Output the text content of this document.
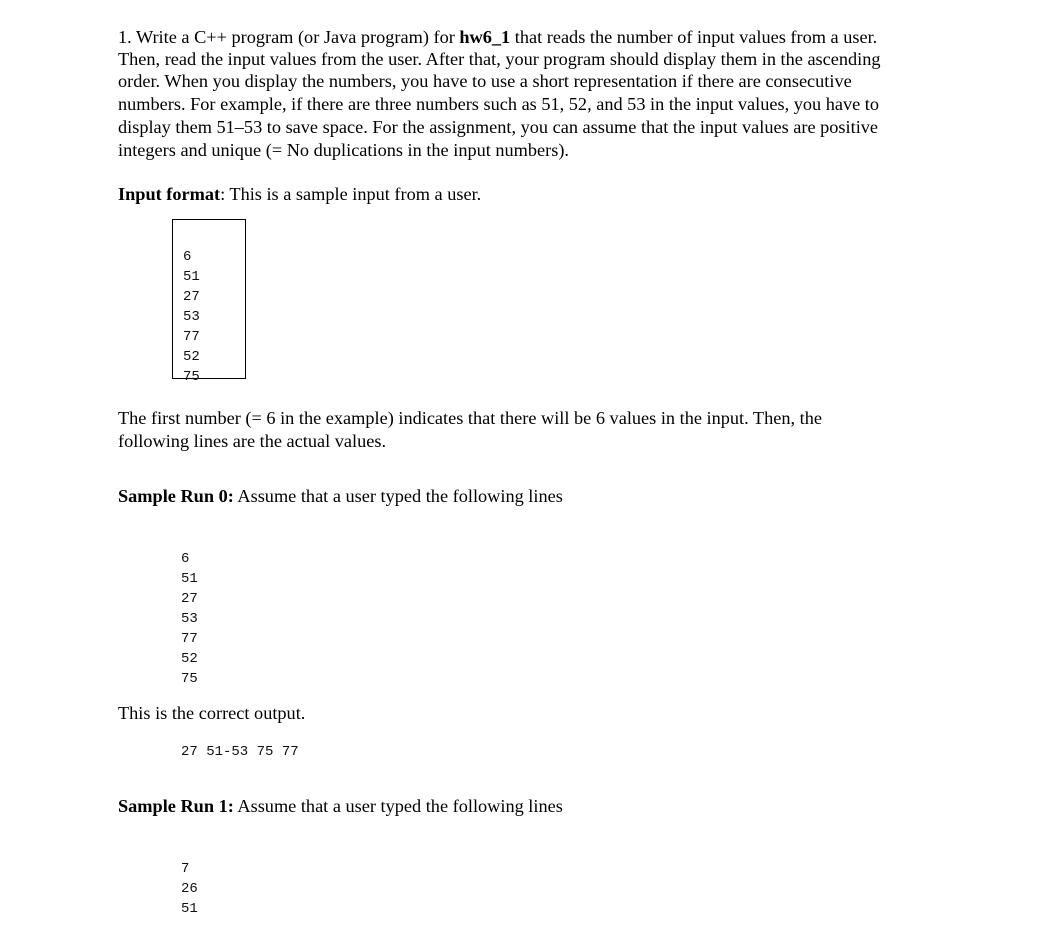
1. Write a C++ program (or Java program) for hw6_1 that reads the number of input values from a user.
Then, read the input values from the user. After that, your program should display them in the ascending
order. When you display the numbers, you have to use a short representation if there are consecutive
numbers. For example, if there are three numbers such as 51, 52, and 53 in the input values, you have to
display them 51–53 to save space. For the assignment, you can assume that the input values are positive
integers and unique (= No duplications in the input numbers).
Input format: This is a sample input from a user.

6
51
27
53
77
52
75

The first number (= 6 in the example) indicates that there will be 6 values in the input. Then, the
following lines are the actual values.
Sample Run 0: Assume that a user typed the following lines

6
51
27
53
77
52
75

This is the correct output.
27 51-53 75 77
Sample Run 1: Assume that a user typed the following lines

7
26
51
